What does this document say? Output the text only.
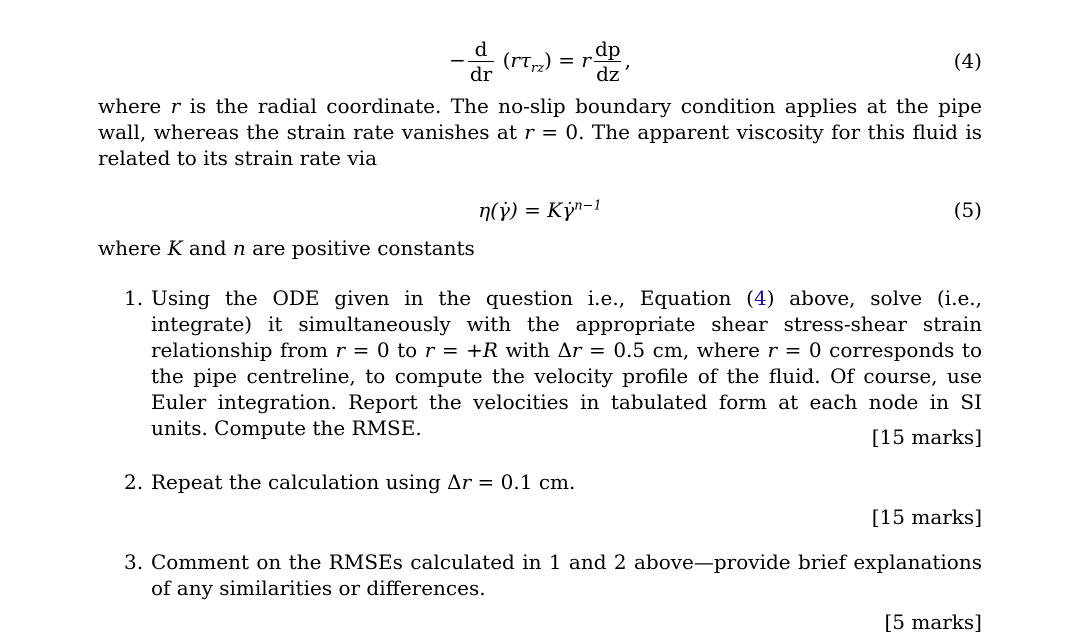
− $\frac{d}{dr} (r\tau_{rz}) = r \frac{dp}{dz}$ ,	(4)

where r is the radial coordinate. The no-slip boundary condition applies at the pipe wall, whereas the strain rate vanishes at r = 0. The apparent viscosity for this fluid is related to its strain rate via

η(γ̇) = Kγ̇$^{n-1}$	(5)

where K and n are positive constants

1. Using the ODE given in the question i.e., Equation (4) above, solve (i.e., integrate) it simultaneously with the appropriate shear stress-shear strain relationship from r = 0 to r = +R with Δr = 0.5 cm, where r = 0 corresponds to the pipe centreline, to compute the velocity profile of the fluid. Of course, use Euler integration. Report the velocities in tabulated form at each node in SI units. Compute the RMSE.	[15 marks]
2. Repeat the calculation using Δr = 0.1 cm.
[15 marks]
3. Comment on the RMSEs calculated in 1 and 2 above—provide brief explanations of any similarities or differences.
[5 marks]
